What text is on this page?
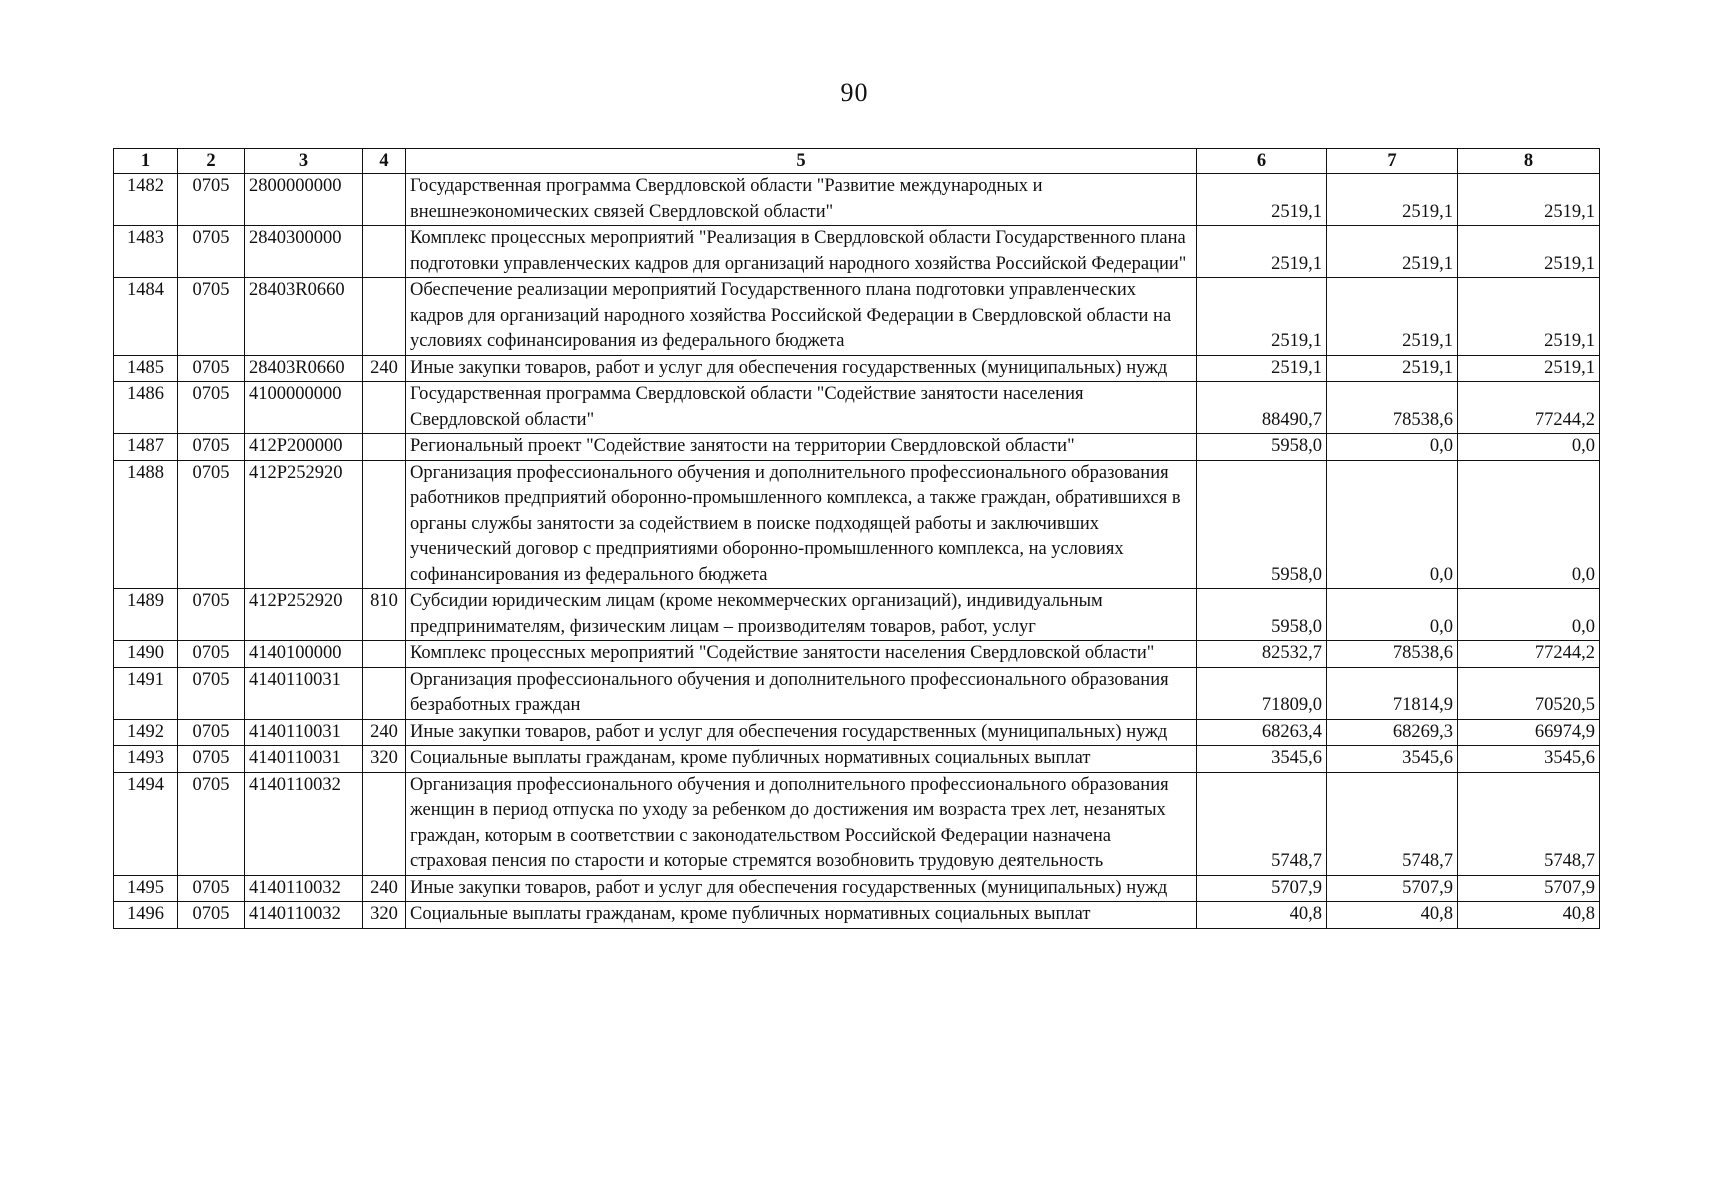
90
1	2	3	4	5	6	7	8
1482	0705	2800000000		Государственная программа Свердловской области "Развитие международных и внешнеэкономических связей Свердловской области"	2519,1	2519,1	2519,1
1483	0705	2840300000		Комплекс процессных мероприятий "Реализация в Свердловской области Государственного плана подготовки управленческих кадров для организаций народного хозяйства Российской Федерации"	2519,1	2519,1	2519,1
1484	0705	28403R0660		Обеспечение реализации мероприятий Государственного плана подготовки управленческих кадров для организаций народного хозяйства Российской Федерации в Свердловской области на условиях софинансирования из федерального бюджета	2519,1	2519,1	2519,1
1485	0705	28403R0660	240	Иные закупки товаров, работ и услуг для обеспечения государственных (муниципальных) нужд	2519,1	2519,1	2519,1
1486	0705	4100000000		Государственная программа Свердловской области "Содействие занятости населения Свердловской области"	88490,7	78538,6	77244,2
1487	0705	412P200000		Региональный проект "Содействие занятости на территории Свердловской области"	5958,0	0,0	0,0
1488	0705	412P252920		Организация профессионального обучения и дополнительного профессионального образования работников предприятий оборонно-промышленного комплекса, а также граждан, обратившихся в органы службы занятости за содействием в поиске подходящей работы и заключивших ученический договор с предприятиями оборонно-промышленного комплекса, на условиях софинансирования из федерального бюджета	5958,0	0,0	0,0
1489	0705	412P252920	810	Субсидии юридическим лицам (кроме некоммерческих организаций), индивидуальным предпринимателям, физическим лицам – производителям товаров, работ, услуг	5958,0	0,0	0,0
1490	0705	4140100000		Комплекс процессных мероприятий "Содействие занятости населения Свердловской области"	82532,7	78538,6	77244,2
1491	0705	4140110031		Организация профессионального обучения и дополнительного профессионального образования безработных граждан	71809,0	71814,9	70520,5
1492	0705	4140110031	240	Иные закупки товаров, работ и услуг для обеспечения государственных (муниципальных) нужд	68263,4	68269,3	66974,9
1493	0705	4140110031	320	Социальные выплаты гражданам, кроме публичных нормативных социальных выплат	3545,6	3545,6	3545,6
1494	0705	4140110032		Организация профессионального обучения и дополнительного профессионального образования женщин в период отпуска по уходу за ребенком до достижения им возраста трех лет, незанятых граждан, которым в соответствии с законодательством Российской Федерации назначена страховая пенсия по старости и которые стремятся возобновить трудовую деятельность	5748,7	5748,7	5748,7
1495	0705	4140110032	240	Иные закупки товаров, работ и услуг для обеспечения государственных (муниципальных) нужд	5707,9	5707,9	5707,9
1496	0705	4140110032	320	Социальные выплаты гражданам, кроме публичных нормативных социальных выплат	40,8	40,8	40,8
